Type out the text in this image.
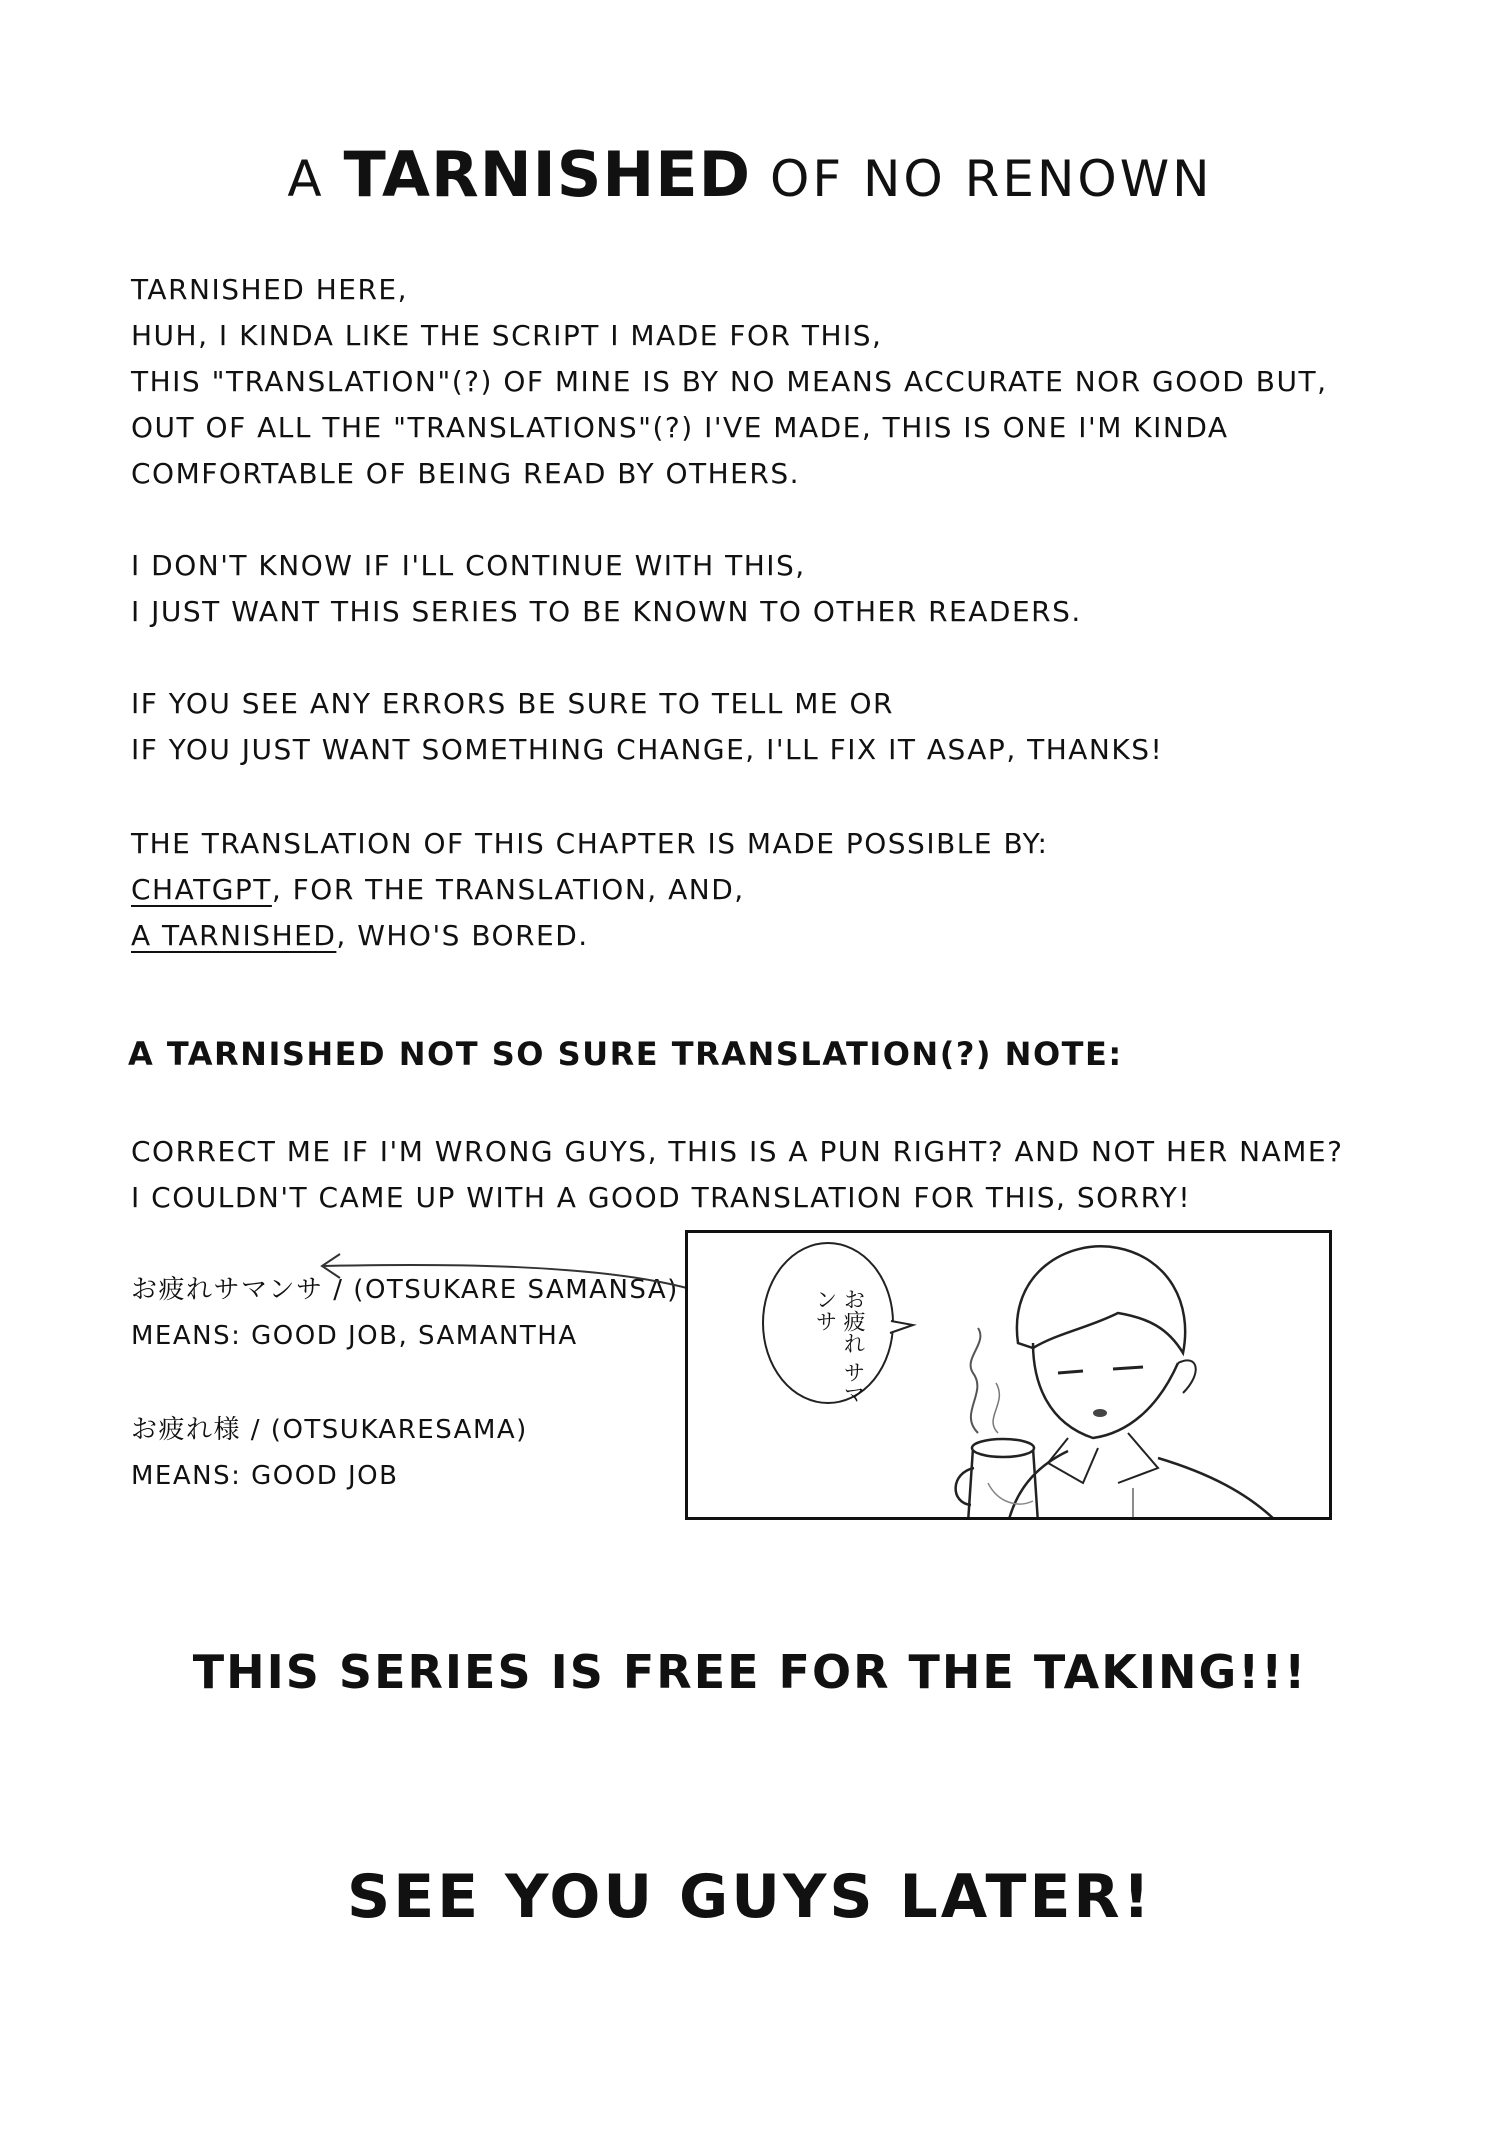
A TARNISHED OF NO RENOWN
TARNISHED HERE,
HUH, I KINDA LIKE THE SCRIPT I MADE FOR THIS,
THIS "TRANSLATION"(?) OF MINE IS BY NO MEANS ACCURATE NOR GOOD BUT,
OUT OF ALL THE "TRANSLATIONS"(?) I'VE MADE, THIS IS ONE I'M KINDA
COMFORTABLE OF BEING READ BY OTHERS.
I DON'T KNOW IF I'LL CONTINUE WITH THIS,
I JUST WANT THIS SERIES TO BE KNOWN TO OTHER READERS.
IF YOU SEE ANY ERRORS BE SURE TO TELL ME OR
IF YOU JUST WANT SOMETHING CHANGE, I'LL FIX IT ASAP, THANKS!
THE TRANSLATION OF THIS CHAPTER IS MADE POSSIBLE BY:
CHATGPT, FOR THE TRANSLATION, AND,
A TARNISHED, WHO'S BORED.
A TARNISHED NOT SO SURE TRANSLATION(?) NOTE:
CORRECT ME IF I'M WRONG GUYS, THIS IS A PUN RIGHT? AND NOT HER NAME?
I COULDN'T CAME UP WITH A GOOD TRANSLATION FOR THIS, SORRY!
お疲れサマンサ / (OTSUKARE SAMANSA)
MEANS: GOOD JOB, SAMANTHA
お疲れ様 / (OTSUKARESAMA)
MEANS: GOOD JOB
お疲れ サマンサ
THIS SERIES IS FREE FOR THE TAKING!!!
SEE YOU GUYS LATER!
